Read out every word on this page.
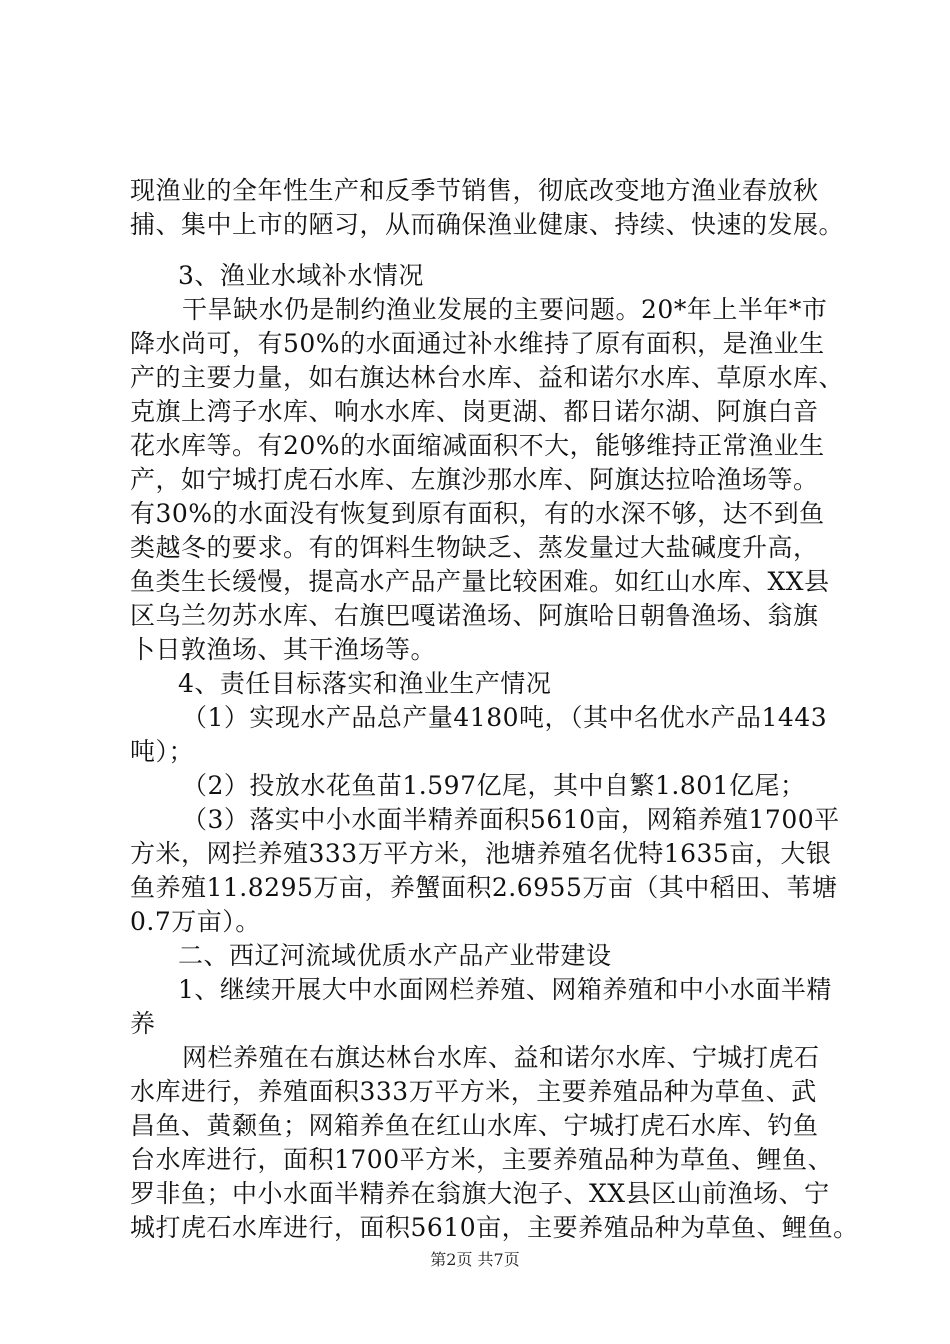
现渔业的全年性生产和反季节销售，彻底改变地方渔业春放秋
捕、集中上市的陋习，从而确保渔业健康、持续、快速的发展。
3、渔业水域补水情况
干旱缺水仍是制约渔业发展的主要问题。20*年上半年*市
降水尚可，有50%的水面通过补水维持了原有面积，是渔业生
产的主要力量，如右旗达林台水库、益和诺尔水库、草原水库、
克旗上湾子水库、响水水库、岗更湖、都日诺尔湖、阿旗白音
花水库等。有20%的水面缩减面积不大，能够维持正常渔业生
产，如宁城打虎石水库、左旗沙那水库、阿旗达拉哈渔场等。
有30%的水面没有恢复到原有面积，有的水深不够，达不到鱼
类越冬的要求。有的饵料生物缺乏、蒸发量过大盐碱度升高，
鱼类生长缓慢，提高水产品产量比较困难。如红山水库、XX县
区乌兰勿苏水库、右旗巴嘎诺渔场、阿旗哈日朝鲁渔场、翁旗
卜日敦渔场、其干渔场等。
4、责任目标落实和渔业生产情况
（1）实现水产品总产量4180吨，（其中名优水产品1443
吨）；
（2）投放水花鱼苗1.597亿尾，其中自繁1.801亿尾；
（3）落实中小水面半精养面积5610亩，网箱养殖1700平
方米，网拦养殖333万平方米，池塘养殖名优特1635亩，大银
鱼养殖11.8295万亩，养蟹面积2.6955万亩（其中稻田、苇塘
0.7万亩）。
二、西辽河流域优质水产品产业带建设
1、继续开展大中水面网栏养殖、网箱养殖和中小水面半精
养
网栏养殖在右旗达林台水库、益和诺尔水库、宁城打虎石
水库进行，养殖面积333万平方米，主要养殖品种为草鱼、武
昌鱼、黄颡鱼；网箱养鱼在红山水库、宁城打虎石水库、钓鱼
台水库进行，面积1700平方米，主要养殖品种为草鱼、鲤鱼、
罗非鱼；中小水面半精养在翁旗大泡子、XX县区山前渔场、宁
城打虎石水库进行，面积5610亩，主要养殖品种为草鱼、鲤鱼。
第2页 共7页
